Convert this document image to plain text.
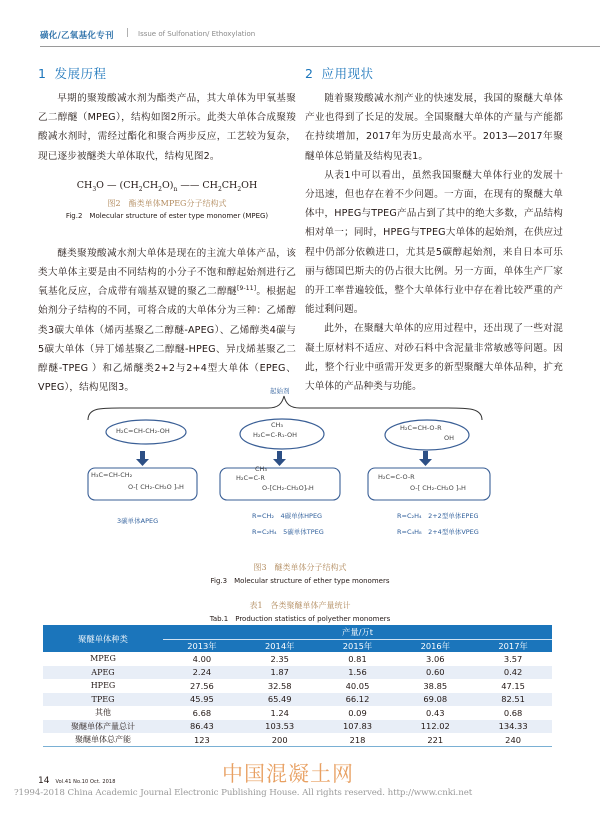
磺化/乙氧基化专刊 | Issue of Sulfonation/ Ethoxylation
1 发展历程

早期的聚羧酸减水剂为酯类产品，其大单体为甲氧基聚乙二醇醚（MPEG），结构如图2所示。此类大单体合成聚羧酸减水剂时，需经过酯化和聚合两步反应，工艺较为复杂，现已逐步被醚类大单体取代，结构见图2。

醚类聚羧酸减水剂大单体是现在的主流大单体产品，该类大单体主要是由不同结构的小分子不饱和醇起始剂进行乙氧基化反应，合成带有端基双键的聚乙二醇醚[9-11]。根据起始剂分子结构的不同，可将合成的大单体分为三种：乙烯醇类3碳大单体（烯丙基聚乙二醇醚-APEG）、乙烯醇类4碳与5碳大单体（异丁烯基聚乙二醇醚-HPEG、异戊烯基聚乙二醇醚-TPEG ）和乙烯醚类2+2与2+4型大单体（EPEG、VPEG），结构见图3。

$CH_3O$ — $(CH_2CH_2O)_n$ —— $CH_2CH_2OH$
图2　酯类单体MPEG分子结构式
Fig.2　Molecular structure of ester type monomer (MPEG)
2 应用现状

随着聚羧酸减水剂产业的快速发展，我国的聚醚大单体产业也得到了长足的发展。全国聚醚大单体的产量与产能都在持续增加，2017年为历史最高水平。2013—2017年聚醚单体总销量及结构见表1。

从表1中可以看出，虽然我国聚醚大单体行业的发展十分迅速，但也存在着不少问题。一方面，在现有的聚醚大单体中，HPEG与TPEG产品占到了其中的绝大多数，产品结构相对单一；同时，HPEG与TPEG大单体的起始剂，在供应过程中仍部分依赖进口，尤其是5碳醇起始剂，来自日本可乐丽与德国巴斯夫的仍占很大比例。另一方面，单体生产厂家的开工率普遍较低，整个大单体行业中存在着比较严重的产能过剩问题。

此外，在聚醚大单体的应用过程中，还出现了一些对混凝土原材料不适应、对砂石料中含泥量非常敏感等问题。因此，整个行业中亟需开发更多的新型聚醚大单体品种，扩充大单体的产品种类与功能。

起始剂
H₂C=CH-CH₂-OH
CH₃
H₂C=C-R₁-OH
H₂C=CH-O-R
OH
H₃C=CH-CH₂
O-[ CH₂-CH₂O ]ₙH
CH₃
H₂C=C-R
O-[CH₂-CH₂O]ₙH
H₂C=C-O-R
O-[ CH₂-CH₂O ]ₙH
3碳单体APEG
R=CH₂　4碳单体HPEG
R=C₂H₄　5碳单体TPEG
R=C₂H₄　2+2型单体EPEG
R=C₄H₈　2+4型单体VPEG
图3　醚类单体分子结构式
Fig.3　Molecular structure of ether type monomers
表1　各类聚醚单体产量统计
Tab.1　Production statistics of polyether monomers
聚醚单体种类	产量/万t				
	2013年	2014年	2015年	2016年	2017年
MPEG	4.00	2.35	0.81	3.06	3.57
APEG	2.24	1.87	1.56	0.60	0.42
HPEG	27.56	32.58	40.05	38.85	47.15
TPEG	45.95	65.49	66.12	69.08	82.51
其他	6.68	1.24	0.09	0.43	0.68
聚醚单体产量总计	86.43	103.53	107.83	112.02	134.33
聚醚单体总产能	123	200	218	221	240
中国混凝土网
14 Vol.41 No.10 Oct. 2018
?1994-2018 China Academic Journal Electronic Publishing House. All rights reserved. http://www.cnki.net
